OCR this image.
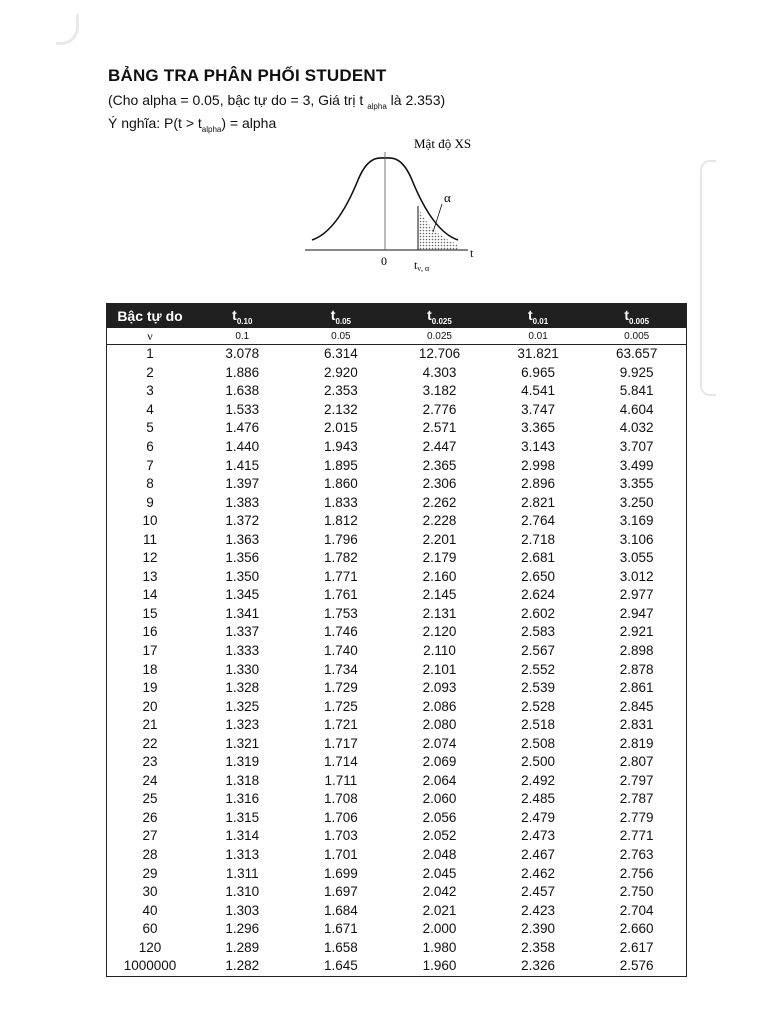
BẢNG TRA PHÂN PHỐI STUDENT
(Cho alpha = 0.05, bậc tự do = 3, Giá trị t $_{alpha}$ là 2.353)
Ý nghĩa: $P(t > t_{alpha})$ = alpha
Mật độ XS
α
0
t
tν, α
Bậc tự do	$t_{0.10}$	$t_{0.05}$	$t_{0.025}$	$t_{0.01}$	$t_{0.005}$
ν	0.1	0.05	0.025	0.01	0.005
1	3.078	6.314	12.706	31.821	63.657
2	1.886	2.920	4.303	6.965	9.925
3	1.638	2.353	3.182	4.541	5.841
4	1.533	2.132	2.776	3.747	4.604
5	1.476	2.015	2.571	3.365	4.032
6	1.440	1.943	2.447	3.143	3.707
7	1.415	1.895	2.365	2.998	3.499
8	1.397	1.860	2.306	2.896	3.355
9	1.383	1.833	2.262	2.821	3.250
10	1.372	1.812	2.228	2.764	3.169
11	1.363	1.796	2.201	2.718	3.106
12	1.356	1.782	2.179	2.681	3.055
13	1.350	1.771	2.160	2.650	3.012
14	1.345	1.761	2.145	2.624	2.977
15	1.341	1.753	2.131	2.602	2.947
16	1.337	1.746	2.120	2.583	2.921
17	1.333	1.740	2.110	2.567	2.898
18	1.330	1.734	2.101	2.552	2.878
19	1.328	1.729	2.093	2.539	2.861
20	1.325	1.725	2.086	2.528	2.845
21	1.323	1.721	2.080	2.518	2.831
22	1.321	1.717	2.074	2.508	2.819
23	1.319	1.714	2.069	2.500	2.807
24	1.318	1.711	2.064	2.492	2.797
25	1.316	1.708	2.060	2.485	2.787
26	1.315	1.706	2.056	2.479	2.779
27	1.314	1.703	2.052	2.473	2.771
28	1.313	1.701	2.048	2.467	2.763
29	1.311	1.699	2.045	2.462	2.756
30	1.310	1.697	2.042	2.457	2.750
40	1.303	1.684	2.021	2.423	2.704
60	1.296	1.671	2.000	2.390	2.660
120	1.289	1.658	1.980	2.358	2.617
1000000	1.282	1.645	1.960	2.326	2.576
